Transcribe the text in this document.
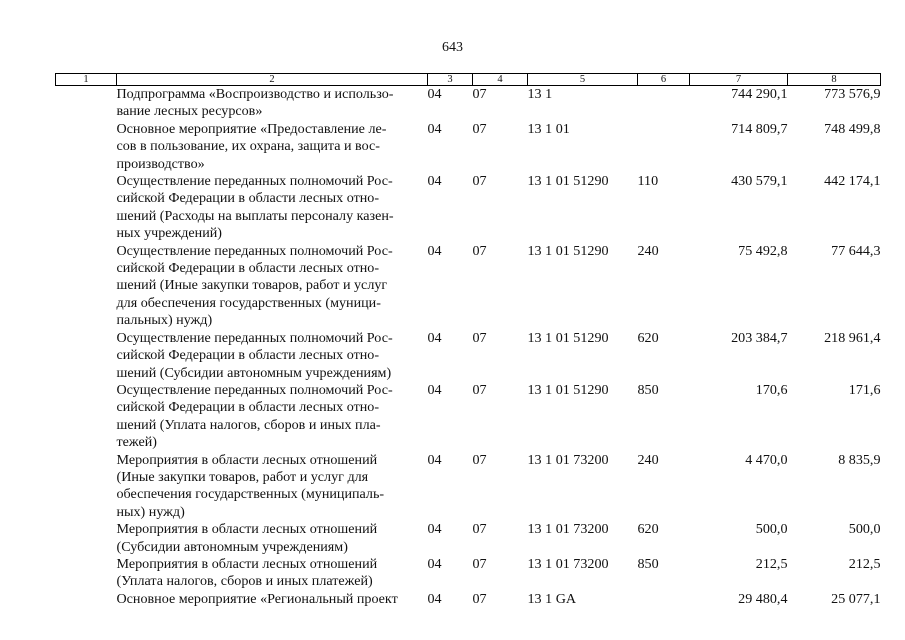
643
1	2	3	4	5	6	7	8

	Подпрограмма «Воспроизводство и использо-
вание лесных ресурсов»	04	07	13 1		744 290,1	773 576,9

	Основное мероприятие «Предоставление ле-
сов в пользование, их охрана, защита и вос-
производство»	04	07	13 1 01		714 809,7	748 499,8

	Осуществление переданных полномочий Рос-
сийской Федерации в области лесных отно-
шений (Расходы на выплаты персоналу казен-
ных учреждений)	04	07	13 1 01 51290	110	430 579,1	442 174,1

	Осуществление переданных полномочий Рос-
сийской Федерации в области лесных отно-
шений (Иные закупки товаров, работ и услуг
для обеспечения государственных (муници-
пальных) нужд)	04	07	13 1 01 51290	240	75 492,8	77 644,3

	Осуществление переданных полномочий Рос-
сийской Федерации в области лесных отно-
шений (Субсидии автономным учреждениям)	04	07	13 1 01 51290	620	203 384,7	218 961,4

	Осуществление переданных полномочий Рос-
сийской Федерации в области лесных отно-
шений (Уплата налогов, сборов и иных пла-
тежей)	04	07	13 1 01 51290	850	170,6	171,6

	Мероприятия в области лесных отношений
(Иные закупки товаров, работ и услуг для
обеспечения государственных (муниципаль-
ных) нужд)	04	07	13 1 01 73200	240	4 470,0	8 835,9

	Мероприятия в области лесных отношений
(Субсидии автономным учреждениям)	04	07	13 1 01 73200	620	500,0	500,0

	Мероприятия в области лесных отношений
(Уплата налогов, сборов и иных платежей)	04	07	13 1 01 73200	850	212,5	212,5

	Основное мероприятие «Региональный проект	04	07	13 1 GA		29 480,4	25 077,1
